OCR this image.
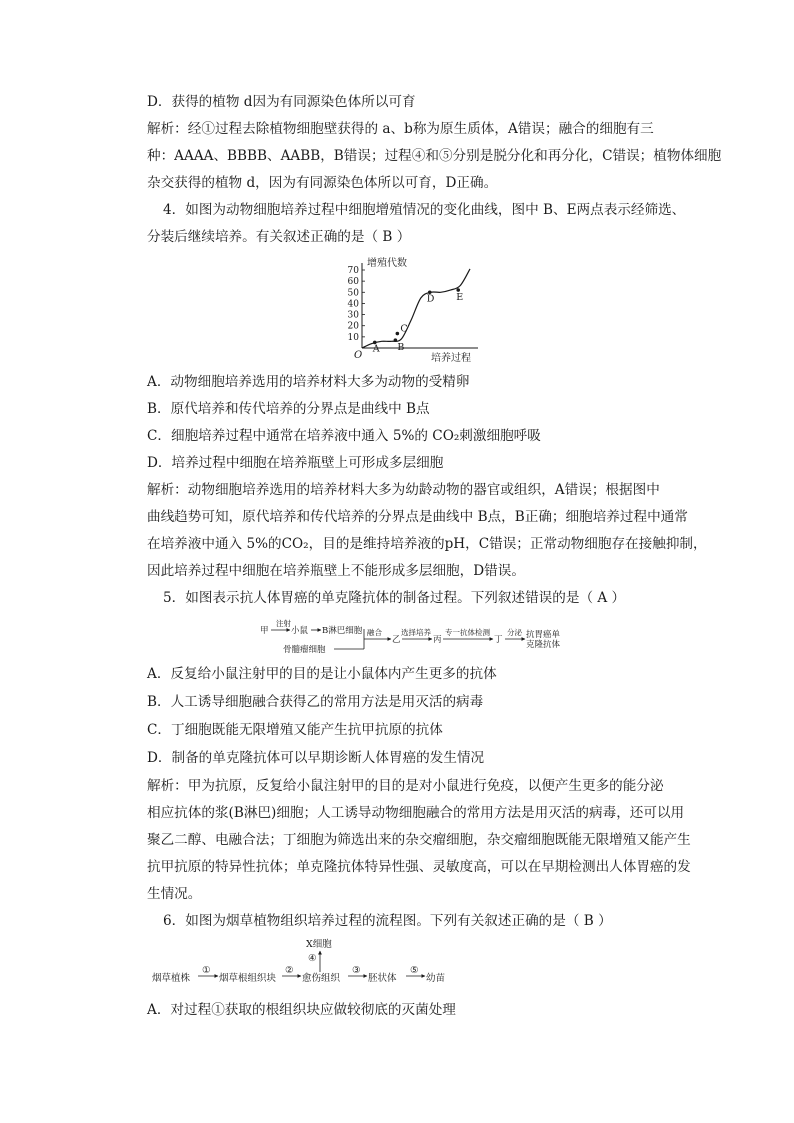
D．获得的植物 d因为有同源染色体所以可育
解析：经①过程去除植物细胞壁获得的 a、b称为原生质体，A错误；融合的细胞有三
种：AAAA、BBBB、AABB，B错误；过程④和⑤分别是脱分化和再分化，C错误；植物体细胞
杂交获得的植物 d，因为有同源染色体所以可育，D正确。
4．如图为动物细胞培养过程中细胞增殖情况的变化曲线，图中 B、E两点表示经筛选、
分装后继续培养。有关叙述正确的是（ B ）
10
20
30
40
50
60
70
A B
C
D E
增殖代数
培养过程
O
A．动物细胞培养选用的培养材料大多为动物的受精卵
B．原代培养和传代培养的分界点是曲线中 B点
C．细胞培养过程中通常在培养液中通入 5%的 CO₂刺激细胞呼吸
D．培养过程中细胞在培养瓶壁上可形成多层细胞
解析：动物细胞培养选用的培养材料大多为幼龄动物的器官或组织，A错误；根据图中
曲线趋势可知，原代培养和传代培养的分界点是曲线中 B点，B正确；细胞培养过程中通常
在培养液中通入 5%的CO₂，目的是维持培养液的pH，C错误；正常动物细胞存在接触抑制，
因此培养过程中细胞在培养瓶壁上不能形成多层细胞，D错误。
5．如图表示抗人体胃癌的单克隆抗体的制备过程。下列叙述错误的是（ A ）
甲
注射
小鼠 B淋巴细胞
骨髓瘤细胞
融合
乙
选择培养
丙
专一抗体检测
丁
分泌 抗胃癌单
克隆抗体
A．反复给小鼠注射甲的目的是让小鼠体内产生更多的抗体
B．人工诱导细胞融合获得乙的常用方法是用灭活的病毒
C．丁细胞既能无限增殖又能产生抗甲抗原的抗体
D．制备的单克隆抗体可以早期诊断人体胃癌的发生情况
解析：甲为抗原，反复给小鼠注射甲的目的是对小鼠进行免疫，以便产生更多的能分泌
相应抗体的浆(B淋巴)细胞；人工诱导动物细胞融合的常用方法是用灭活的病毒，还可以用
聚乙二醇、电融合法；丁细胞为筛选出来的杂交瘤细胞，杂交瘤细胞既能无限增殖又能产生
抗甲抗原的特异性抗体；单克隆抗体特异性强、灵敏度高，可以在早期检测出人体胃癌的发
生情况。
6．如图为烟草植物组织培养过程的流程图。下列有关叙述正确的是（ B ）
X细胞
④
烟草植株
①
烟草根组织块
②
愈伤组织
③
胚状体
⑤
幼苗
A．对过程①获取的根组织块应做较彻底的灭菌处理
